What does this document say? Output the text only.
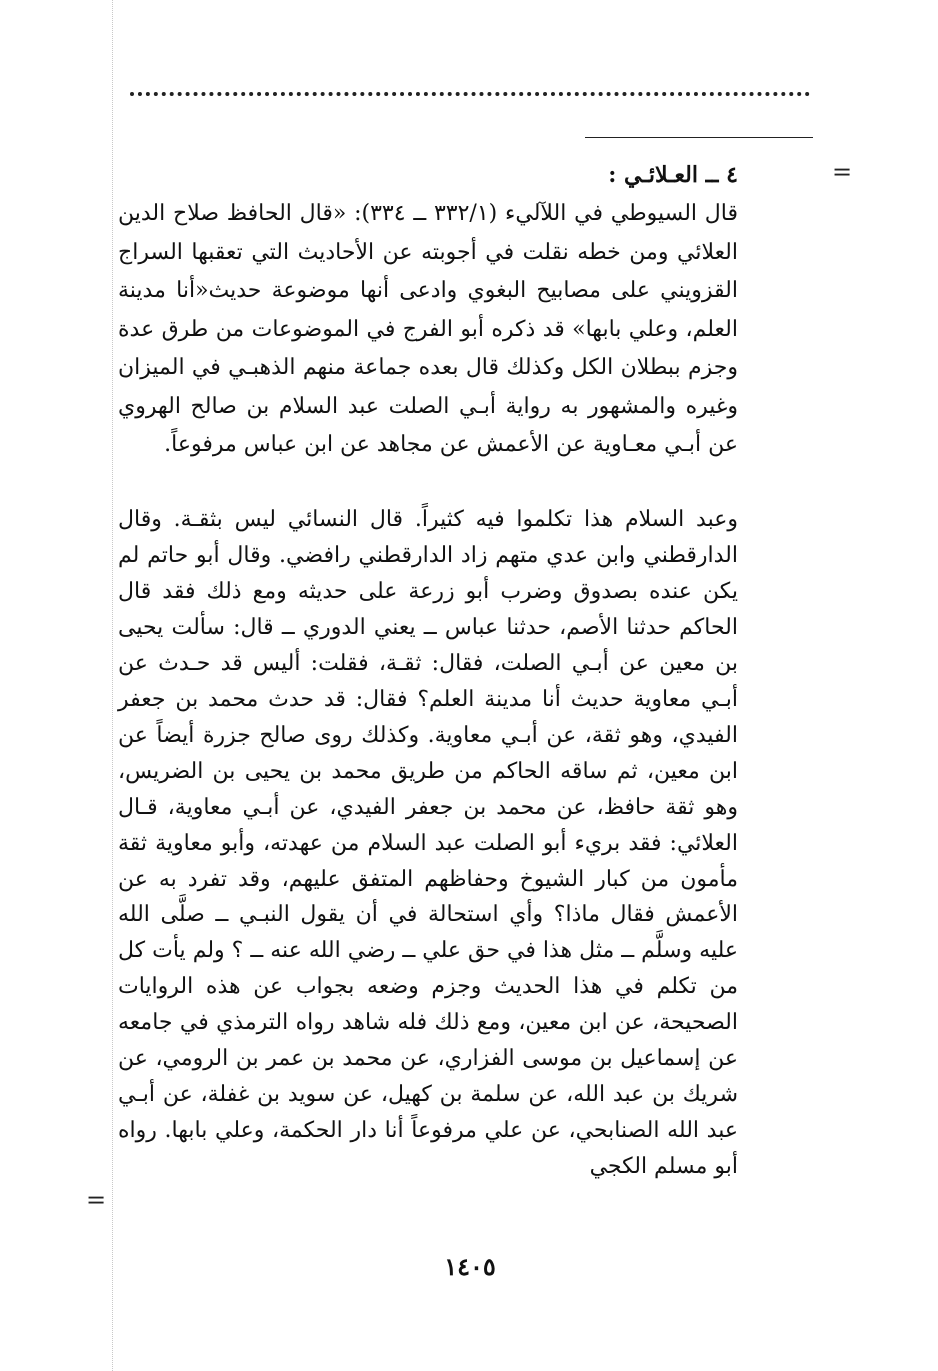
=
٤ ــ العـلائـي :

قال السيوطي في اللآليء (٣٣٢/١ ــ ٣٣٤): «قال الحافظ صلاح الدين العلائي ومن خطه نقلت في أجوبته عن الأحاديث التي تعقبها السراج القزويني على مصابيح البغوي وادعى أنها موضوعة حديث«أنا مدينة العلم، وعلي بابها» قد ذكره أبو الفرج في الموضوعات من طرق عدة وجزم ببطلان الكل وكذلك قال بعده جماعة منهم الذهبـي في الميزان وغيره والمشهور به رواية أبـي الصلت عبد السلام بن صالح الهروي عن أبـي معـاوية عن الأعمش عن مجاهد عن ابن عباس مرفوعاً.

وعبد السلام هذا تكلموا فيه كثيراً. قال النسائي ليس بثقـة. وقال الدارقطني وابن عدي متهم زاد الدارقطني رافضي. وقال أبو حاتم لم يكن عنده بصدوق وضرب أبو زرعة على حديثه ومع ذلك فقد قال الحاكم حدثنا الأصم، حدثنا عباس ــ يعني الدوري ــ قال: سألت يحيى بن معين عن أبـي الصلت، فقال: ثقـة، فقلت: أليس قد حـدث عن أبـي معاوية حديث أنا مدينة العلم؟ فقال: قد حدث محمد بن جعفر الفيدي، وهو ثقة، عن أبـي معاوية. وكذلك روى صالح جزرة أيضاً عن ابن معين، ثم ساقه الحاكم من طريق محمد بن يحيى بن الضريس، وهو ثقة حافظ، عن محمد بن جعفر الفيدي، عن أبـي معاوية، قـال العلائي: فقد بريء أبو الصلت عبد السلام من عهدته، وأبو معاوية ثقة مأمون من كبار الشيوخ وحفاظهم المتفق عليهم، وقد تفرد به عن الأعمش فقال ماذا؟ وأي استحالة في أن يقول النبـي ــ صلَّى الله عليه وسلَّم ــ مثل هذا في حق علي ــ رضي الله عنه ــ ؟ ولم يأت كل من تكلم في هذا الحديث وجزم وضعه بجواب عن هذه الروايات الصحيحة، عن ابن معين، ومع ذلك فله شاهد رواه الترمذي في جامعه عن إسماعيل بن موسى الفزاري، عن محمد بن عمر بن الرومي، عن شريك بن عبد الله، عن سلمة بن كهيل، عن سويد بن غفلة، عن أبـي عبد الله الصنابحي، عن علي مرفوعاً أنا دار الحكمة، وعلي بابها. رواه أبو مسلم الكجي

=
١٤٠٥
